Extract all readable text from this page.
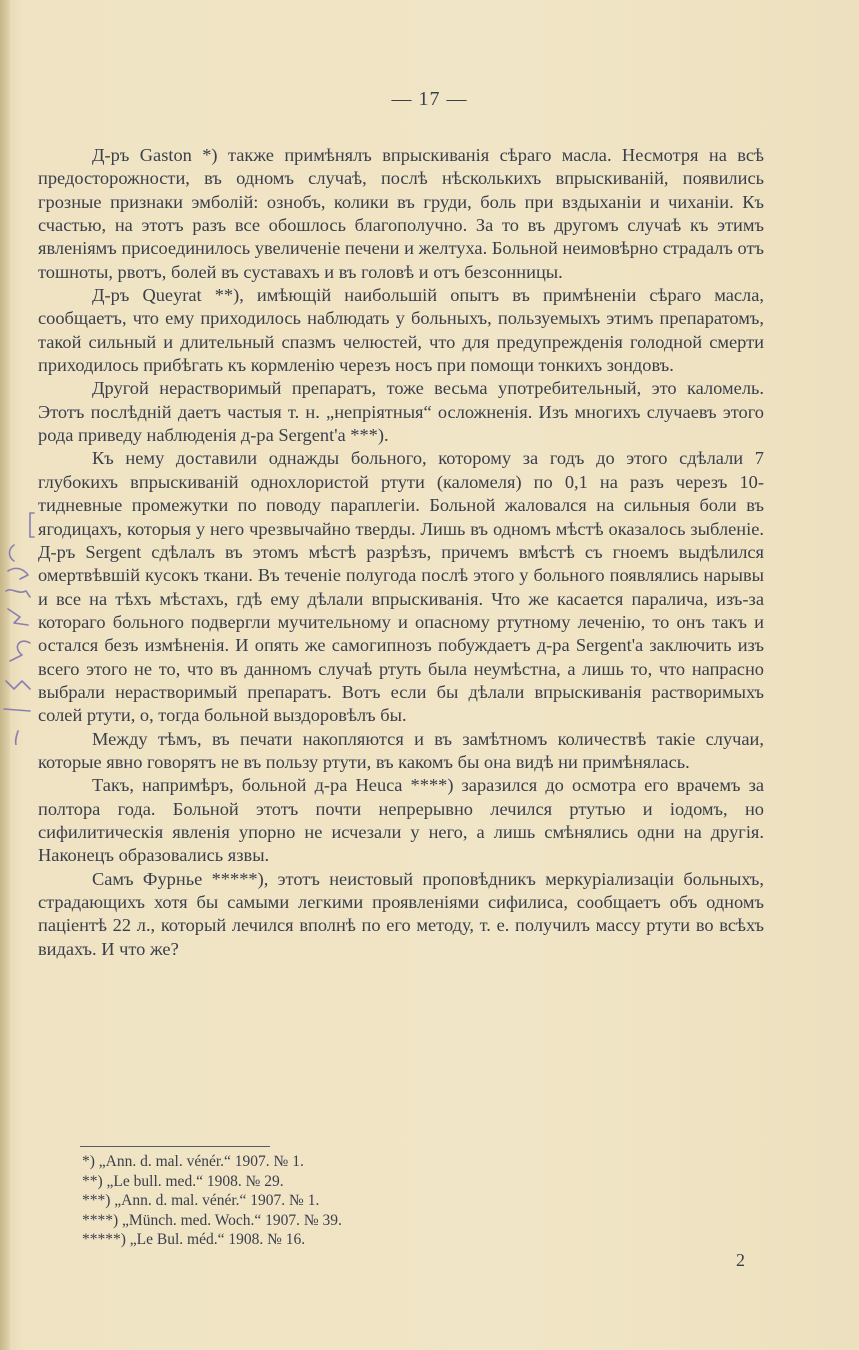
— 17 —

Д-ръ Gaston *) также примѣнялъ впрыскиванія сѣраго масла. Несмотря на всѣ предосторожности, въ одномъ случаѣ, послѣ нѣсколькихъ впрыскиваній, появились грозные признаки эмболій: ознобъ, колики въ груди, боль при вздыханіи и чиханіи. Къ счастью, на этотъ разъ все обошлось благополучно. За то въ другомъ случаѣ къ этимъ явленіямъ присоединилось увеличеніе печени и желтуха. Больной неимовѣрно страдалъ отъ тошноты, рвотъ, болей въ суставахъ и въ головѣ и отъ безсонницы.

Д-ръ Queyrat **), имѣющій наибольшій опытъ въ примѣненіи сѣраго масла, сообщаетъ, что ему приходилось наблюдать у больныхъ, пользуемыхъ этимъ препаратомъ, такой сильный и длительный спазмъ челюстей, что для предупрежденія голодной смерти приходилось прибѣгать къ кормленію черезъ носъ при помощи тонкихъ зондовъ.

Другой нерастворимый препаратъ, тоже весьма употребительный, это каломель. Этотъ послѣдній даетъ частыя т. н. „непріятныя“ осложненія. Изъ многихъ случаевъ этого рода приведу наблюденія д-ра Sergent'а ***).

Къ нему доставили однажды больного, которому за годъ до этого сдѣлали 7 глубокихъ впрыскиваній однохлористой ртути (каломеля) по 0,1 на разъ черезъ 10-тидневные промежутки по поводу параплегіи. Больной жаловался на сильныя боли въ ягодицахъ, которыя у него чрезвычайно тверды. Лишь въ одномъ мѣстѣ оказалось зыбленіе. Д-ръ Sergent сдѣлалъ въ этомъ мѣстѣ разрѣзъ, причемъ вмѣстѣ съ гноемъ выдѣлился омертвѣвшій кусокъ ткани. Въ теченіе полугода послѣ этого у больного появлялись нарывы и все на тѣхъ мѣстахъ, гдѣ ему дѣлали впрыскиванія. Что же касается паралича, изъ-за котораго больного подвергли мучительному и опасному ртутному леченію, то онъ такъ и остался безъ измѣненія. И опять же самогипнозъ побуждаетъ д-ра Sergent'а заключить изъ всего этого не то, что въ данномъ случаѣ ртуть была неумѣстна, а лишь то, что напрасно выбрали нерастворимый препаратъ. Вотъ если бы дѣлали впрыскиванія растворимыхъ солей ртути, о, тогда больной выздоровѣлъ бы.

Между тѣмъ, въ печати накопляются и въ замѣтномъ количествѣ такіе случаи, которые явно говорятъ не въ пользу ртути, въ какомъ бы она видѣ ни примѣнялась.

Такъ, напримѣръ, больной д-ра Heuca ****) заразился до осмотра его врачемъ за полтора года. Больной этотъ почти непрерывно лечился ртутью и іодомъ, но сифилитическія явленія упорно не исчезали у него, а лишь смѣнялись одни на другія. Наконецъ образовались язвы.

Самъ Фурнье *****), этотъ неистовый проповѣдникъ меркуріализаціи больныхъ, страдающихъ хотя бы самыми легкими проявленіями сифилиса, сообщаетъ объ одномъ паціентѣ 22 л., который лечился вполнѣ по его методу, т. е. получилъ массу ртути во всѣхъ видахъ. И что же?

*) „Ann. d. mal. vénér.“ 1907. № 1.
**) „Le bull. med.“ 1908. № 29.
***) „Ann. d. mal. vénér.“ 1907. № 1.
****) „Münch. med. Woch.“ 1907. № 39.
*****) „Le Bul. méd.“ 1908. № 16.
2
